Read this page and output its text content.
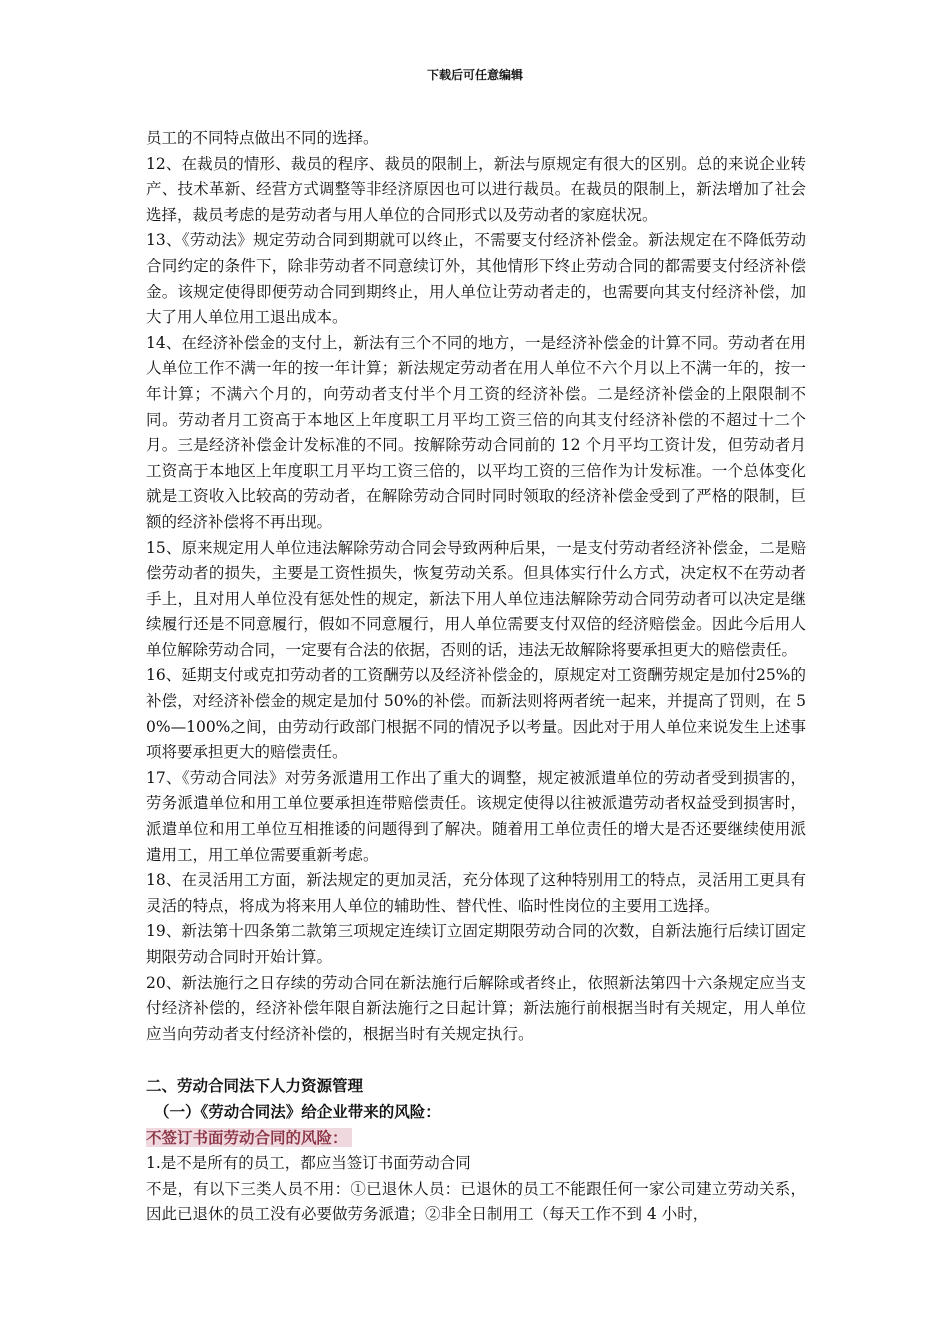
下载后可任意编辑

员工的不同特点做出不同的选择。

12、在裁员的情形、裁员的程序、裁员的限制上，新法与原规定有很大的区别。总的来说企业转产、技术革新、经营方式调整等非经济原因也可以进行裁员。在裁员的限制上，新法增加了社会选择，裁员考虑的是劳动者与用人单位的合同形式以及劳动者的家庭状况。

13、《劳动法》规定劳动合同到期就可以终止，不需要支付经济补偿金。新法规定在不降低劳动合同约定的条件下，除非劳动者不同意续订外，其他情形下终止劳动合同的都需要支付经济补偿金。该规定使得即便劳动合同到期终止，用人单位让劳动者走的，也需要向其支付经济补偿，加大了用人单位用工退出成本。

14、在经济补偿金的支付上，新法有三个不同的地方，一是经济补偿金的计算不同。劳动者在用人单位工作不满一年的按一年计算；新法规定劳动者在用人单位不六个月以上不满一年的，按一年计算；不满六个月的，向劳动者支付半个月工资的经济补偿。二是经济补偿金的上限限制不同。劳动者月工资高于本地区上年度职工月平均工资三倍的向其支付经济补偿的不超过十二个月。三是经济补偿金计发标准的不同。按解除劳动合同前的 12 个月平均工资计发，但劳动者月工资高于本地区上年度职工月平均工资三倍的，以平均工资的三倍作为计发标准。一个总体变化就是工资收入比较高的劳动者，在解除劳动合同时同时领取的经济补偿金受到了严格的限制，巨额的经济补偿将不再出现。

15、原来规定用人单位违法解除劳动合同会导致两种后果，一是支付劳动者经济补偿金，二是赔偿劳动者的损失，主要是工资性损失，恢复劳动关系。但具体实行什么方式，决定权不在劳动者手上，且对用人单位没有惩处性的规定，新法下用人单位违法解除劳动合同劳动者可以决定是继续履行还是不同意履行，假如不同意履行，用人单位需要支付双倍的经济赔偿金。因此今后用人单位解除劳动合同，一定要有合法的依据，否则的话，违法无故解除将要承担更大的赔偿责任。

16、延期支付或克扣劳动者的工资酬劳以及经济补偿金的，原规定对工资酬劳规定是加付25%的补偿，对经济补偿金的规定是加付 50%的补偿。而新法则将两者统一起来，并提高了罚则，在 50%—100%之间，由劳动行政部门根据不同的情况予以考量。因此对于用人单位来说发生上述事项将要承担更大的赔偿责任。

17、《劳动合同法》对劳务派遣用工作出了重大的调整，规定被派遣单位的劳动者受到损害的，劳务派遣单位和用工单位要承担连带赔偿责任。该规定使得以往被派遣劳动者权益受到损害时，派遣单位和用工单位互相推诿的问题得到了解决。随着用工单位责任的增大是否还要继续使用派遣用工，用工单位需要重新考虑。

18、在灵活用工方面，新法规定的更加灵活，充分体现了这种特别用工的特点，灵活用工更具有灵活的特点，将成为将来用人单位的辅助性、替代性、临时性岗位的主要用工选择。

19、新法第十四条第二款第三项规定连续订立固定期限劳动合同的次数，自新法施行后续订固定期限劳动合同时开始计算。

20、新法施行之日存续的劳动合同在新法施行后解除或者终止，依照新法第四十六条规定应当支付经济补偿的，经济补偿年限自新法施行之日起计算；新法施行前根据当时有关规定，用人单位应当向劳动者支付经济补偿的，根据当时有关规定执行。

二、劳动合同法下人力资源管理

（一）《劳动合同法》给企业带来的风险：

不签订书面劳动合同的风险：

1.是不是所有的员工，都应当签订书面劳动合同

不是，有以下三类人员不用：①已退休人员：已退休的员工不能跟任何一家公司建立劳动关系，因此已退休的员工没有必要做劳务派遣；②非全日制用工（每天工作不到 4 小时，
